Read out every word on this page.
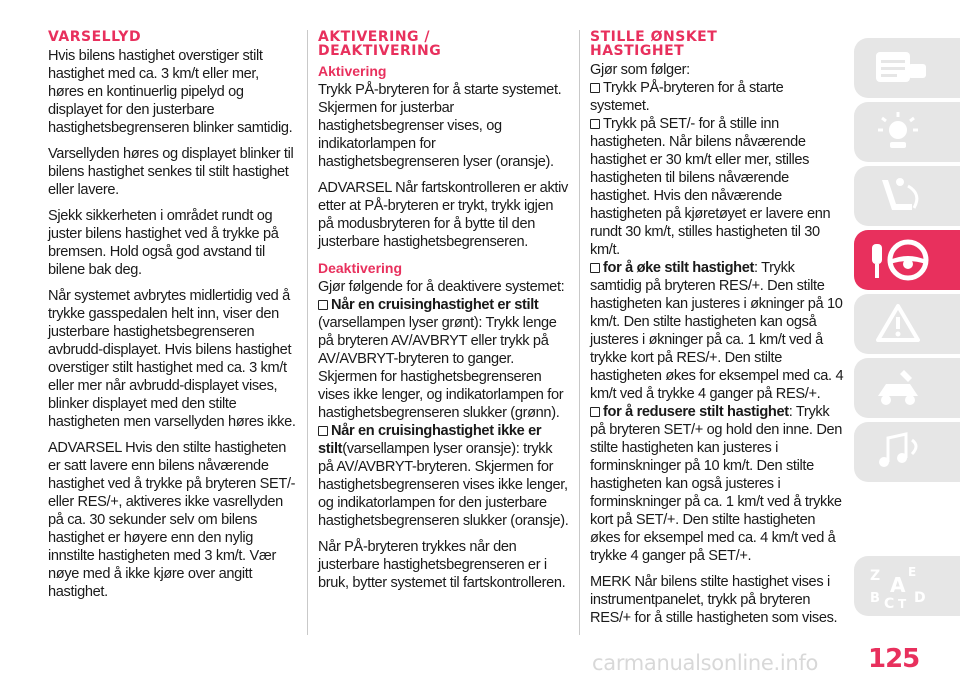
VARSELLYD

Hvis bilens hastighet overstiger stilt hastighet med ca. 3 km/t eller mer, høres en kontinuerlig pipelyd og displayet for den justerbare hastighetsbegrenseren blinker samtidig.

Varsellyden høres og displayet blinker til bilens hastighet senkes til stilt hastighet eller lavere.

Sjekk sikkerheten i området rundt og juster bilens hastighet ved å trykke på bremsen. Hold også god avstand til bilene bak deg.

Når systemet avbrytes midlertidig ved å trykke gasspedalen helt inn, viser den justerbare hastighetsbegrenseren avbrudd-displayet. Hvis bilens hastighet overstiger stilt hastighet med ca. 3 km/t eller mer når avbrudd-displayet vises, blinker displayet med den stilte hastigheten men varsellyden høres ikke.

ADVARSEL Hvis den stilte hastigheten er satt lavere enn bilens nåværende hastighet ved å trykke på bryteren SET/- eller RES/+, aktiveres ikke vasrellyden på ca. 30 sekunder selv om bilens hastighet er høyere enn den nylig innstilte hastigheten med 3 km/t. Vær nøye med å ikke kjøre over angitt hastighet.

AKTIVERING /
DEAKTIVERING
Aktivering

Trykk PÅ-bryteren for å starte systemet. Skjermen for justerbar hastighetsbegrenser vises, og indikatorlampen for hastighetsbegrenseren lyser (oransje).

ADVARSEL Når fartskontrolleren er aktiv etter at PÅ-bryteren er trykt, trykk igjen på modusbryteren for å bytte til den justerbare hastighetsbegrenseren.

Deaktivering

Gjør følgende for å deaktivere systemet:

Når en cruisinghastighet er stilt
(varsellampen lyser grønt): Trykk lenge på bryteren AV/AVBRYT eller trykk på AV/AVBRYT-bryteren to ganger. Skjermen for hastighetsbegrenseren vises ikke lenger, og indikatorlampen for hastighetsbegrenseren slukker (grønn).

Når en cruisinghastighet ikke er stilt(varsellampen lyser oransje): trykk på AV/AVBRYT-bryteren. Skjermen for hastighetsbegrenseren vises ikke lenger, og indikatorlampen for den justerbare hastighetsbegrenseren slukker (oransje).

Når PÅ-bryteren trykkes når den justerbare hastighetsbegrenseren er i bruk, bytter systemet til fartskontrolleren.

STILLE ØNSKET
HASTIGHET

Gjør som følger:

Trykk PÅ-bryteren for å starte systemet.

Trykk på SET/- for å stille inn hastigheten. Når bilens nåværende hastighet er 30 km/t eller mer, stilles hastigheten til bilens nåværende hastighet. Hvis den nåværende hastigheten på kjøretøyet er lavere enn rundt 30 km/t, stilles hastigheten til 30 km/t.

for å øke stilt hastighet: Trykk samtidig på bryteren RES/+. Den stilte hastigheten kan justeres i økninger på 10 km/t. Den stilte hastigheten kan også justeres i økninger på ca. 1 km/t ved å trykke kort på RES/+. Den stilte hastigheten økes for eksempel med ca. 4 km/t ved å trykke 4 ganger på RES/+.

for å redusere stilt hastighet: Trykk på bryteren SET/+ og hold den inne. Den stilte hastigheten kan justeres i forminskninger på 10 km/t. Den stilte hastigheten kan også justeres i forminskninger på ca. 1 km/t ved å trykke kort på SET/+. Den stilte hastigheten økes for eksempel med ca. 4 km/t ved å trykke 4 ganger på SET/+.

MERK Når bilens stilte hastighet vises i instrumentpanelet, trykk på bryteren RES/+ for å stille hastigheten som vises.

Z E
A
B C T D
125
carmanualsonline.info
